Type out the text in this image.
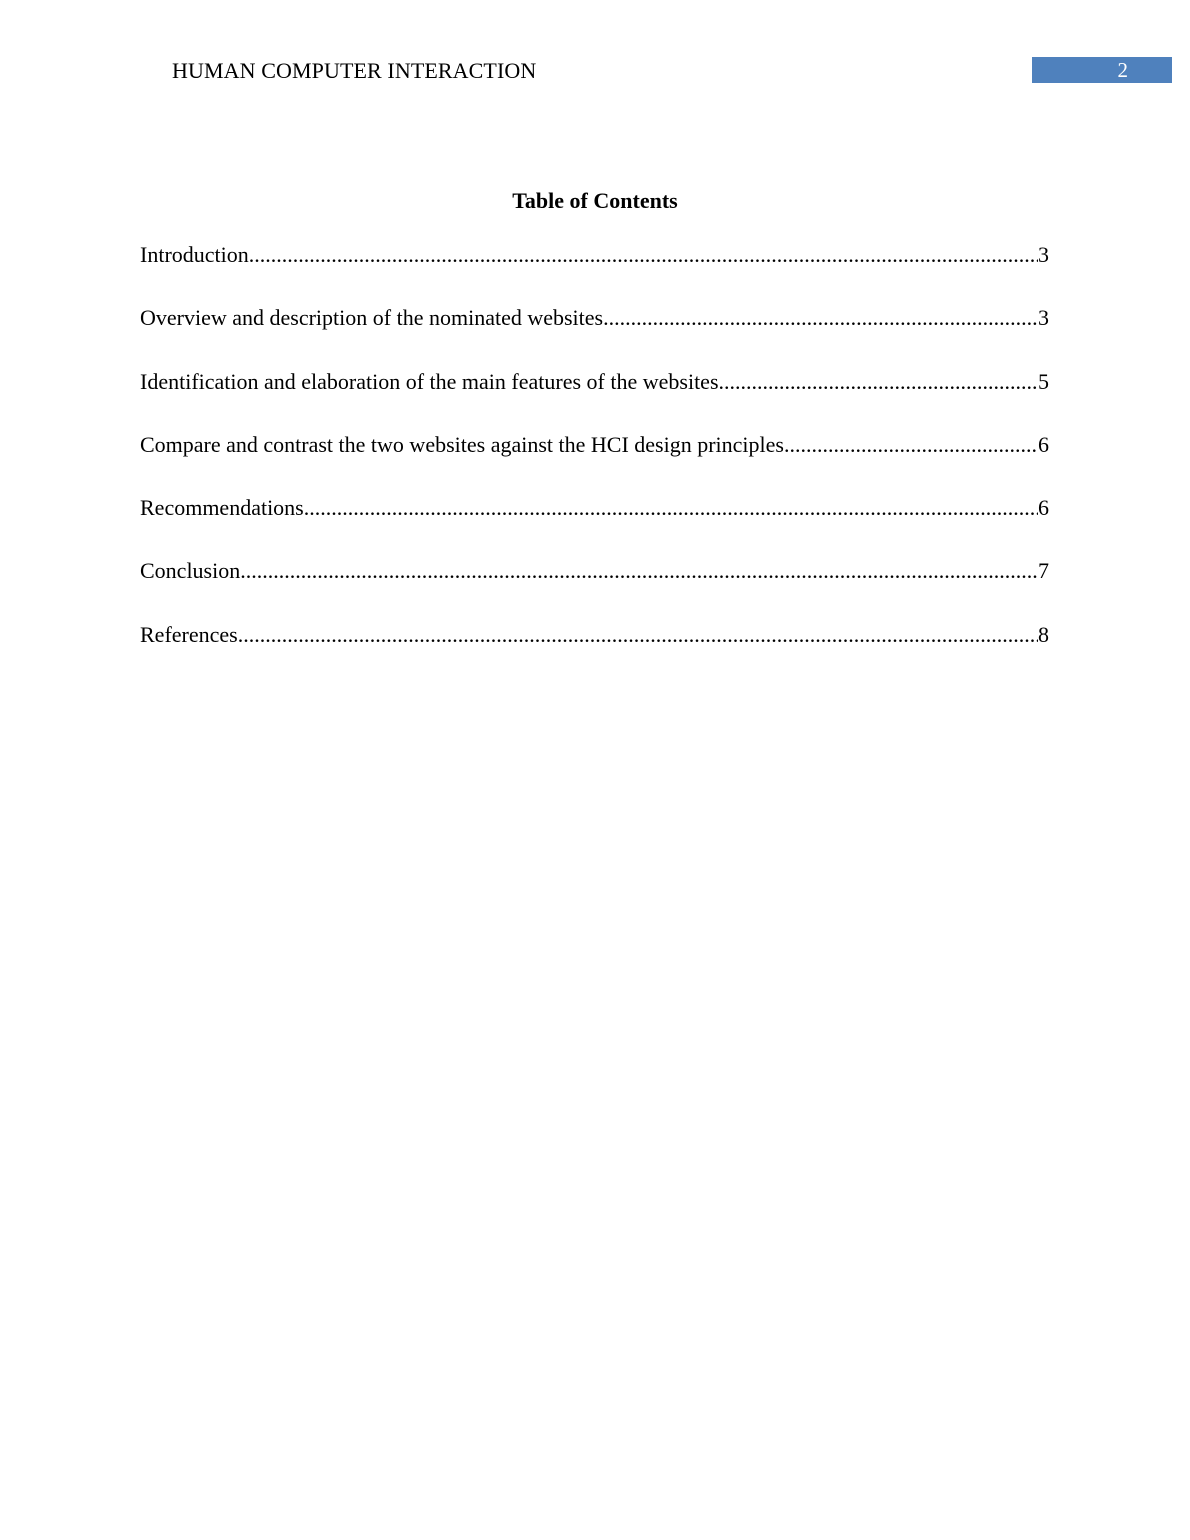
HUMAN COMPUTER INTERACTION	2
Table of Contents
Introduction .....	3
Overview and description of the nominated websites .....	3
Identification and elaboration of the main features of the websites .....	5
Compare and contrast the two websites against the HCI design principles .....	6
Recommendations .....	6
Conclusion .....	7
References .....	8
